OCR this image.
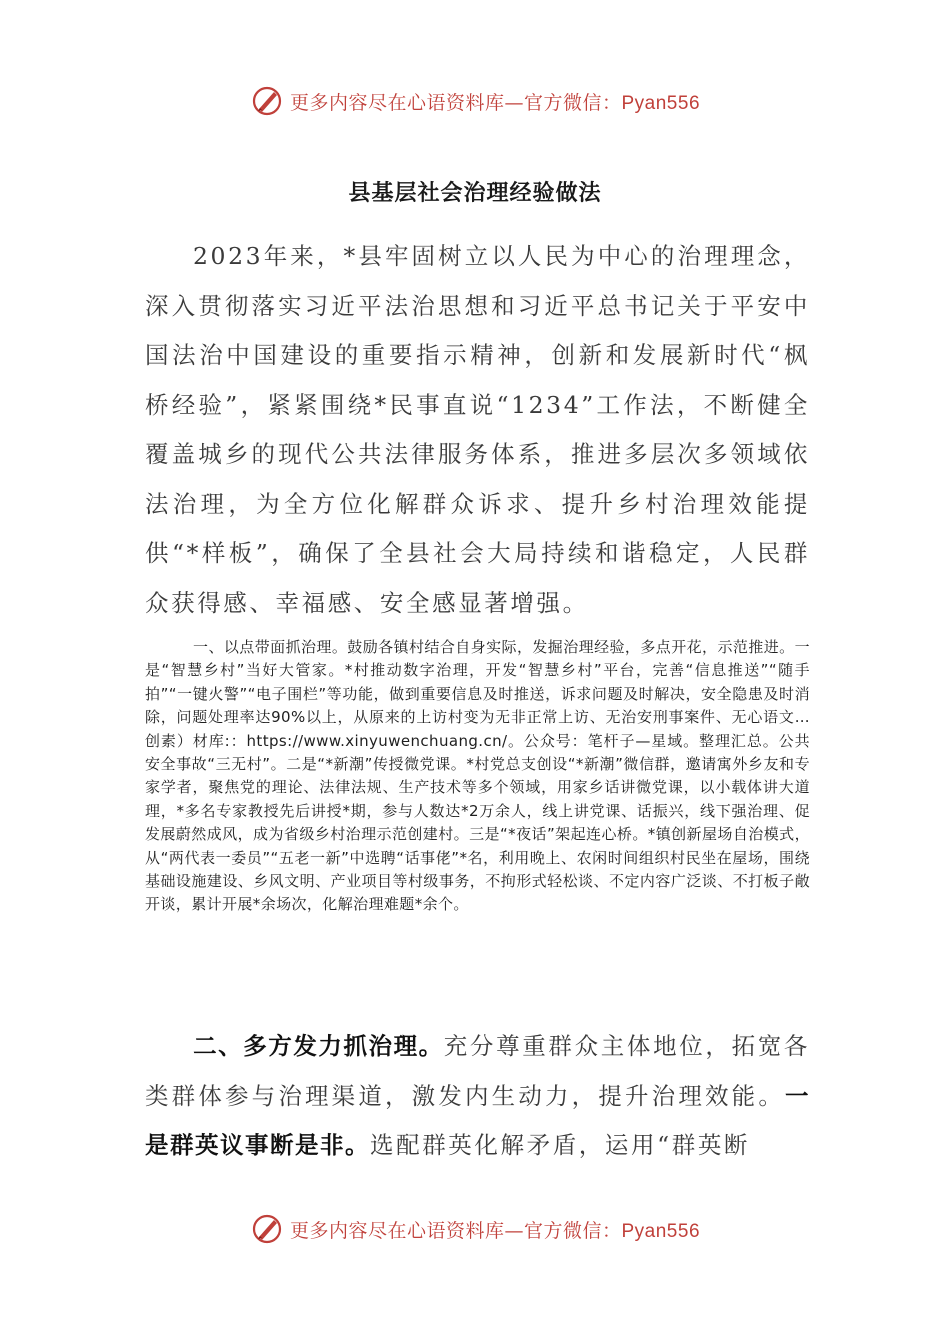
更多内容尽在心语资料库—官方微信：Pyan556
县基层社会治理经验做法
2023年来，*县牢固树立以人民为中心的治理理念，深入贯彻落实习近平法治思想和习近平总书记关于平安中国法治中国建设的重要指示精神，创新和发展新时代“枫桥经验”，紧紧围绕*民事直说“1234”工作法，不断健全覆盖城乡的现代公共法律服务体系，推进多层次多领域依法治理，为全方位化解群众诉求、提升乡村治理效能提供“*样板”，确保了全县社会大局持续和谐稳定，人民群众获得感、幸福感、安全感显著增强。
一、以点带面抓治理。鼓励各镇村结合自身实际，发掘治理经验，多点开花，示范推进。一是“智慧乡村”当好大管家。*村推动数字治理，开发“智慧乡村”平台，完善“信息推送”“随手拍”“一键火警”“电子围栏”等功能，做到重要信息及时推送，诉求问题及时解决，安全隐患及时消除，问题处理率达90%以上，从原来的上访村变为无非正常上访、无治安刑事案件、无心语文…创素）材库:：https://www.xinyuwenchuang.cn/。公众号：笔杆子—星域。整理汇总。公共安全事故“三无村”。二是“*新潮”传授微党课。*村党总支创设“*新潮”微信群，邀请寓外乡友和专家学者，聚焦党的理论、法律法规、生产技术等多个领域，用家乡话讲微党课，以小载体讲大道理，*多名专家教授先后讲授*期，参与人数达*2万余人，线上讲党课、话振兴，线下强治理、促发展蔚然成风，成为省级乡村治理示范创建村。三是“*夜话”架起连心桥。*镇创新屋场自治模式，从“两代表一委员”“五老一新”中选聘“话事佬”*名，利用晚上、农闲时间组织村民坐在屋场，围绕基础设施建设、乡风文明、产业项目等村级事务，不拘形式轻松谈、不定内容广泛谈、不打板子敞开谈，累计开展*余场次，化解治理难题*余个。
二、多方发力抓治理。充分尊重群众主体地位，拓宽各类群体参与治理渠道，激发内生动力，提升治理效能。一是群英议事断是非。选配群英化解矛盾，运用“群英断
更多内容尽在心语资料库—官方微信：Pyan556
